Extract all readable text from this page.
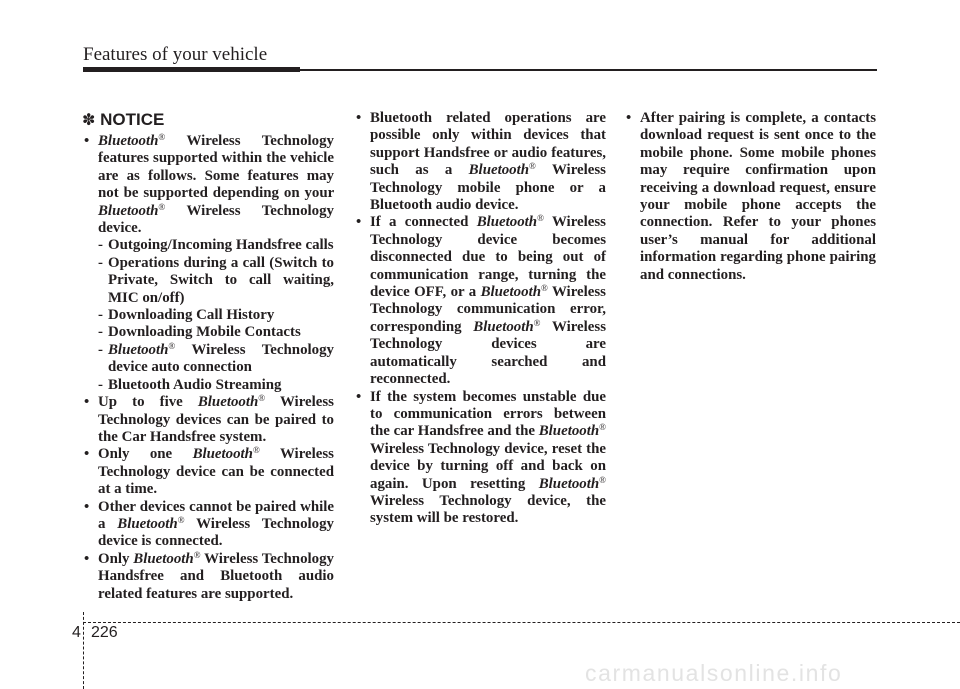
Features of your vehicle
✽ NOTICE
• Bluetooth® Wireless Technology features supported within the vehicle are as follows. Some features may not be supported depending on your Bluetooth® Wireless Technology device.
- Outgoing/Incoming Handsfree calls
- Operations during a call (Switch to Private, Switch to call waiting, MIC on/off)
- Downloading Call History
- Downloading Mobile Contacts
- Bluetooth® Wireless Technology device auto connection
- Bluetooth Audio Streaming
• Up to five Bluetooth® Wireless Technology devices can be paired to the Car Handsfree system.
• Only one Bluetooth® Wireless Technology device can be connected at a time.
• Other devices cannot be paired while a Bluetooth® Wireless Technology device is connected.
• Only Bluetooth® Wireless Technology Handsfree and Bluetooth audio related features are supported.
• Bluetooth related operations are possible only within devices that support Handsfree or audio features, such as a Bluetooth® Wireless Technology mobile phone or a Bluetooth audio device.
• If a connected Bluetooth® Wireless Technology device becomes disconnected due to being out of communication range, turning the device OFF, or a Bluetooth® Wireless Technology communication error, corresponding Bluetooth® Wireless Technology devices are automatically searched and reconnected.
• If the system becomes unstable due to communication errors between the car Handsfree and the Bluetooth® Wireless Technology device, reset the device by turning off and back on again. Upon resetting Bluetooth® Wireless Technology device, the system will be restored.
• After pairing is complete, a contacts download request is sent once to the mobile phone. Some mobile phones may require confirmation upon receiving a download request, ensure your mobile phone accepts the connection. Refer to your phones user’s manual for additional information regarding phone pairing and connections.
4 226
carmanualsonline.info
